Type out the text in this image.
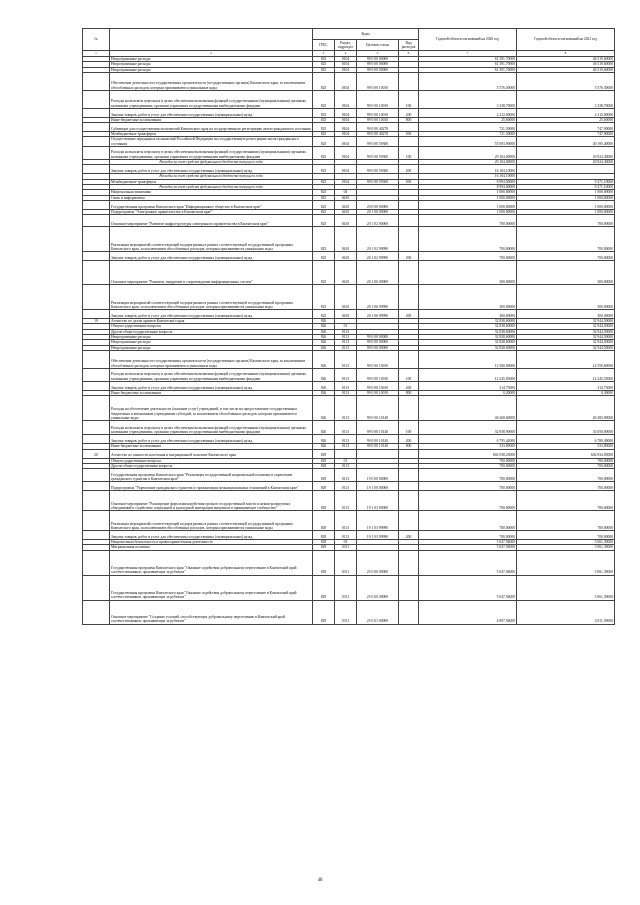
№		Коды				Годовой объем ассигнований на 2020 год	Годовой объем ассигнований на 2021 год
		ГРБС	Раздел, подраздел	Целевая статья	Вид расходов		
1	2	3	4	5	6	7	8
	Непрограммные расходы	825	0104	99 0 00 00000		61 391,70000	46 519,60000
	Непрограммные расходы	825	0104	99 0 00 00000		61 391,70000	46 519,60000
	Непрограммные расходы	825	0104	99 0 00 00000		61 391,70000	46 519,60000
	Обеспечение деятельности государственных органов власти (государственных органов) Камчатского края, за исключением обособленных расходов, которым присваиваются уникальные коды	825	0104	99 0 00 10010		5 576,30000	5 576,30000
	Расходы на выплаты персоналу в целях обеспечения выполнения функций государственными (муниципальными) органами, казенными учреждениями, органами управления государственными внебюджетными фондами	825	0104	99 0 00 10010	100	3 338,70000	3 338,70000
	Закупка товаров, работ и услуг для обеспечения государственных (муниципальных) нужд	825	0104	99 0 00 10010	200	2 212,00000	2 212,00000
	Иные бюджетные ассигнования	825	0104	99 0 00 10010	800	25,60000	25,60000
	Субвенции для осуществления полномочий Камчатского края на государственную регистрацию актов гражданского состояния	825	0104	99 0 00 40270		721,50000	747,90000
	Межбюджетные трансферты	825	0104	99 0 00 40270	500	721,50000	747,90000
	Осуществление переданных полномочий Российской Федерации на государственную регистрацию актов гражданского состояния	825	0104	99 0 00 59300		55 093,90000	40 195,40000
	Расходы на выплаты персоналу в целях обеспечения выполнения функций государственными (муниципальными) органами, казенными учреждениями, органами управления государственными внебюджетными фондами	825	0104	99 0 00 59300	100	29 104,00000	20 924,30000
	Расходы за счет средств федерального бюджета текущего года					29 104,00000	20 924,30000
	Закупка товаров, работ и услуг для обеспечения государственных (муниципальных) нужд	825	0104	99 0 00 59300	200	16 104,10000	
	Расходы за счет средств федерального бюджета текущего года					16 104,10000	
	Межбюджетные трансферты	825	0104	99 0 00 59300	500	8 994,00000	9 271,10000
	Расходы за счет средств федерального бюджета текущего года					8 994,00000	9 271,10000
	Национальная экономика	825	04			1 000,00000	1 000,00000
	Связь и информатика	825	0410			1 000,00000	1 000,00000
	Государственная программа Камчатского края "Информационное общество в Камчатском крае"	825	0410	20 0 00 00000		1 000,00000	1 000,00000
	Подпрограмма "Электронное правительство в Камчатском крае"	825	0410	20 1 00 00000		1 000,00000	1 000,00000
	Основное мероприятие "Развитие инфраструктуры электронного правительства в Камчатском крае"	825	0410	20 1 02 00000		700,00000	700,00000
	Реализация мероприятий соответствующей подпрограммы в рамках соответствующей государственной программы Камчатского края, за исключением обособленных расходов, которым присваиваются уникальные коды	825	0410	20 1 02 99990		700,00000	700,00000
	Закупка товаров, работ и услуг для обеспечения государственных (муниципальных) нужд	825	0410	20 1 02 99990	200	700,00000	700,00000
	Основное мероприятие "Развитие, внедрение и сопровождение информационных систем"	825	0410	20 1 06 00000		300,00000	300,00000
	Реализация мероприятий соответствующей подпрограммы в рамках соответствующей государственной программы Камчатского края, за исключением обособленных расходов, которым присваиваются уникальные коды	825	0410	20 1 06 99990		300,00000	300,00000
	Закупка товаров, работ и услуг для обеспечения государственных (муниципальных) нужд	825	0410	20 1 06 99990	200	300,00000	300,00000
19	Агентство по делам архивов Камчатского края	826				32 838,60000	32 944,50000
	Общегосударственные вопросы	826	01			32 838,60000	32 944,50000
	Другие общегосударственные вопросы	826	0113			32 838,60000	32 944,50000
	Непрограммные расходы	826	0113	99 0 00 00000		32 828,60000	32 944,50000
	Непрограммные расходы	826	0113	99 0 00 00000		32 828,60000	32 944,50000
	Непрограммные расходы	826	0113	99 0 00 00000		32 828,60000	32 944,50000
	Обеспечение деятельности государственных органов власти (государственных органов) Камчатского края, за исключением обособленных расходов, которым присваиваются уникальные коды	826	0113	99 0 00 10010		12 560,00000	12 550,60000
	Расходы на выплаты персоналу в целях обеспечения выполнения функций государственными (муниципальными) органами, казенными учреждениями, органами управления государственными внебюджетными фондами	826	0113	99 0 00 10010	100	12 245,05000	12 245,55000
	Закупка товаров, работ и услуг для обеспечения государственных (муниципальных) нужд	826	0113	99 0 00 10010	200	314,75000	314,75000
	Иные бюджетные ассигнования	826	0113	99 0 00 10010	800	0,20000	0,30000
	Расходы на обеспечение деятельности (оказание услуг) учреждений, в том числе на предоставление государственным бюджетным и автономным учреждениям субсидий, за исключением обособленных расходов, которым присваиваются уникальные коды	826	0113	99 0 00 10140		40 268,60000	40 283,90000
	Расходы на выплаты персоналу в целях обеспечения выполнения функций государственными (муниципальными) органами, казенными учреждениями, органами управления государственными внебюджетными фондами	826	0113	99 0 00 10140	100	32 938,90000	33 050,00000
	Закупка товаров, работ и услуг для обеспечения государственных (муниципальных) нужд	826	0113	99 0 00 10140	200	6 795,42000	6 780,49000
	Иные бюджетные ассигнования	826	0113	99 0 00 10140	800	533,80000	533,80000
20	Агентство по занятости населения и миграционной политике Камчатского края	829				602 938,23000	602 834,05000
	Общегосударственные вопросы	829	01			700,00000	700,00000
	Другие общегосударственные вопросы	829	0113			700,00000	700,00000
	Государственная программа Камчатского края "Реализация государственной национальной политики и укрепление гражданского единства в Камчатском крае"	829	0113	19 0 00 00000		700,00000	700,00000
	Подпрограмма "Укрепление гражданского единства и гармонизация межнациональных отношений в Камчатском крае"	829	0113	19 1 00 00000		700,00000	700,00000
	Основное мероприятие "Расширение форм взаимодействия органов государственной власти и неконтролируемых объединений и содействие социальной и культурной интеграции мигрантов в принимающее сообщество"	829	0113	19 1 03 00000		700,00000	700,00000
	Реализация мероприятий соответствующей подпрограммы в рамках соответствующей государственной программы Камчатского края, за исключением обособленных расходов, которым присваиваются уникальные коды	829	0113	19 1 03 99990		700,00000	700,00000
	Закупка товаров, работ и услуг для обеспечения государственных (муниципальных) нужд	829	0113	19 1 03 99990	200	700,00000	700,00000
	Национальная безопасность и правоохранительная деятельность	829	03			5 047,94000	5 061,39000
	Миграционная политика	829	0311			5 047,94000	5 061,39000
	Государственная программа Камчатского края "Оказание содействия добровольному переселению в Камчатский край соотечественников, проживающих за рубежом"	829	0311	25 0 00 00000		5 047,94000	5 061,39000
	Государственная программа Камчатского края "Оказание содействия добровольному переселению в Камчатский край соотечественников, проживающих за рубежом"	829	0311	25 0 00 00000		5 047,94000	5 061,39000
	Основное мероприятие "Создание условий, способствующих добровольному переселению в Камчатский край соотечественников, проживающих за рубежом"	829	0311	25 0 01 00000		4 897,94000	4 911,39000
48
